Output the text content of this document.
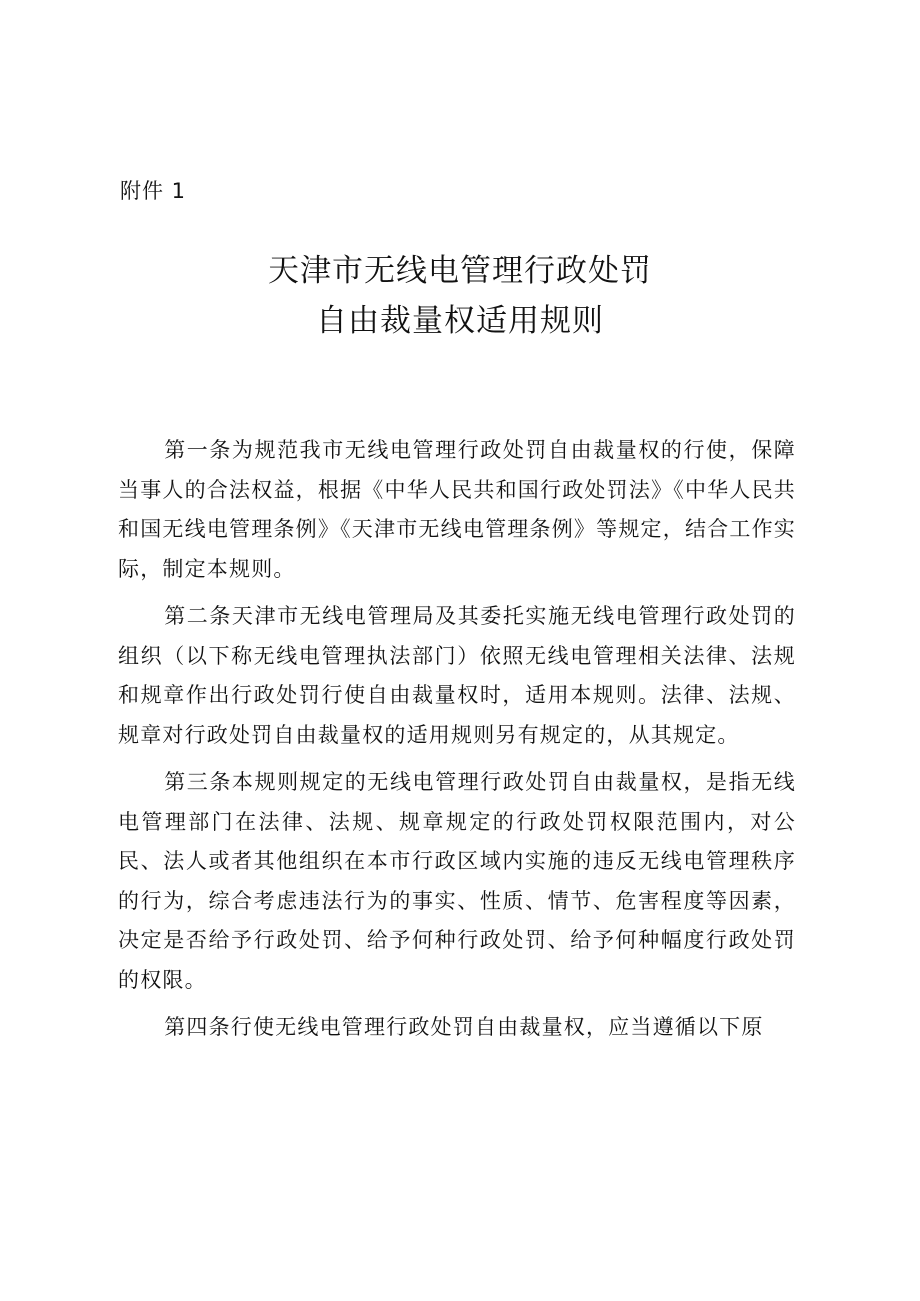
附件 1
天津市无线电管理行政处罚
自由裁量权适用规则

第一条为规范我市无线电管理行政处罚自由裁量权的行使，保障当事人的合法权益，根据《中华人民共和国行政处罚法》《中华人民共和国无线电管理条例》《天津市无线电管理条例》等规定，结合工作实际，制定本规则。

第二条天津市无线电管理局及其委托实施无线电管理行政处罚的组织（以下称无线电管理执法部门）依照无线电管理相关法律、法规和规章作出行政处罚行使自由裁量权时，适用本规则。法律、法规、规章对行政处罚自由裁量权的适用规则另有规定的，从其规定。

第三条本规则规定的无线电管理行政处罚自由裁量权，是指无线电管理部门在法律、法规、规章规定的行政处罚权限范围内，对公民、法人或者其他组织在本市行政区域内实施的违反无线电管理秩序的行为，综合考虑违法行为的事实、性质、情节、危害程度等因素，决定是否给予行政处罚、给予何种行政处罚、给予何种幅度行政处罚的权限。

第四条行使无线电管理行政处罚自由裁量权，应当遵循以下原
